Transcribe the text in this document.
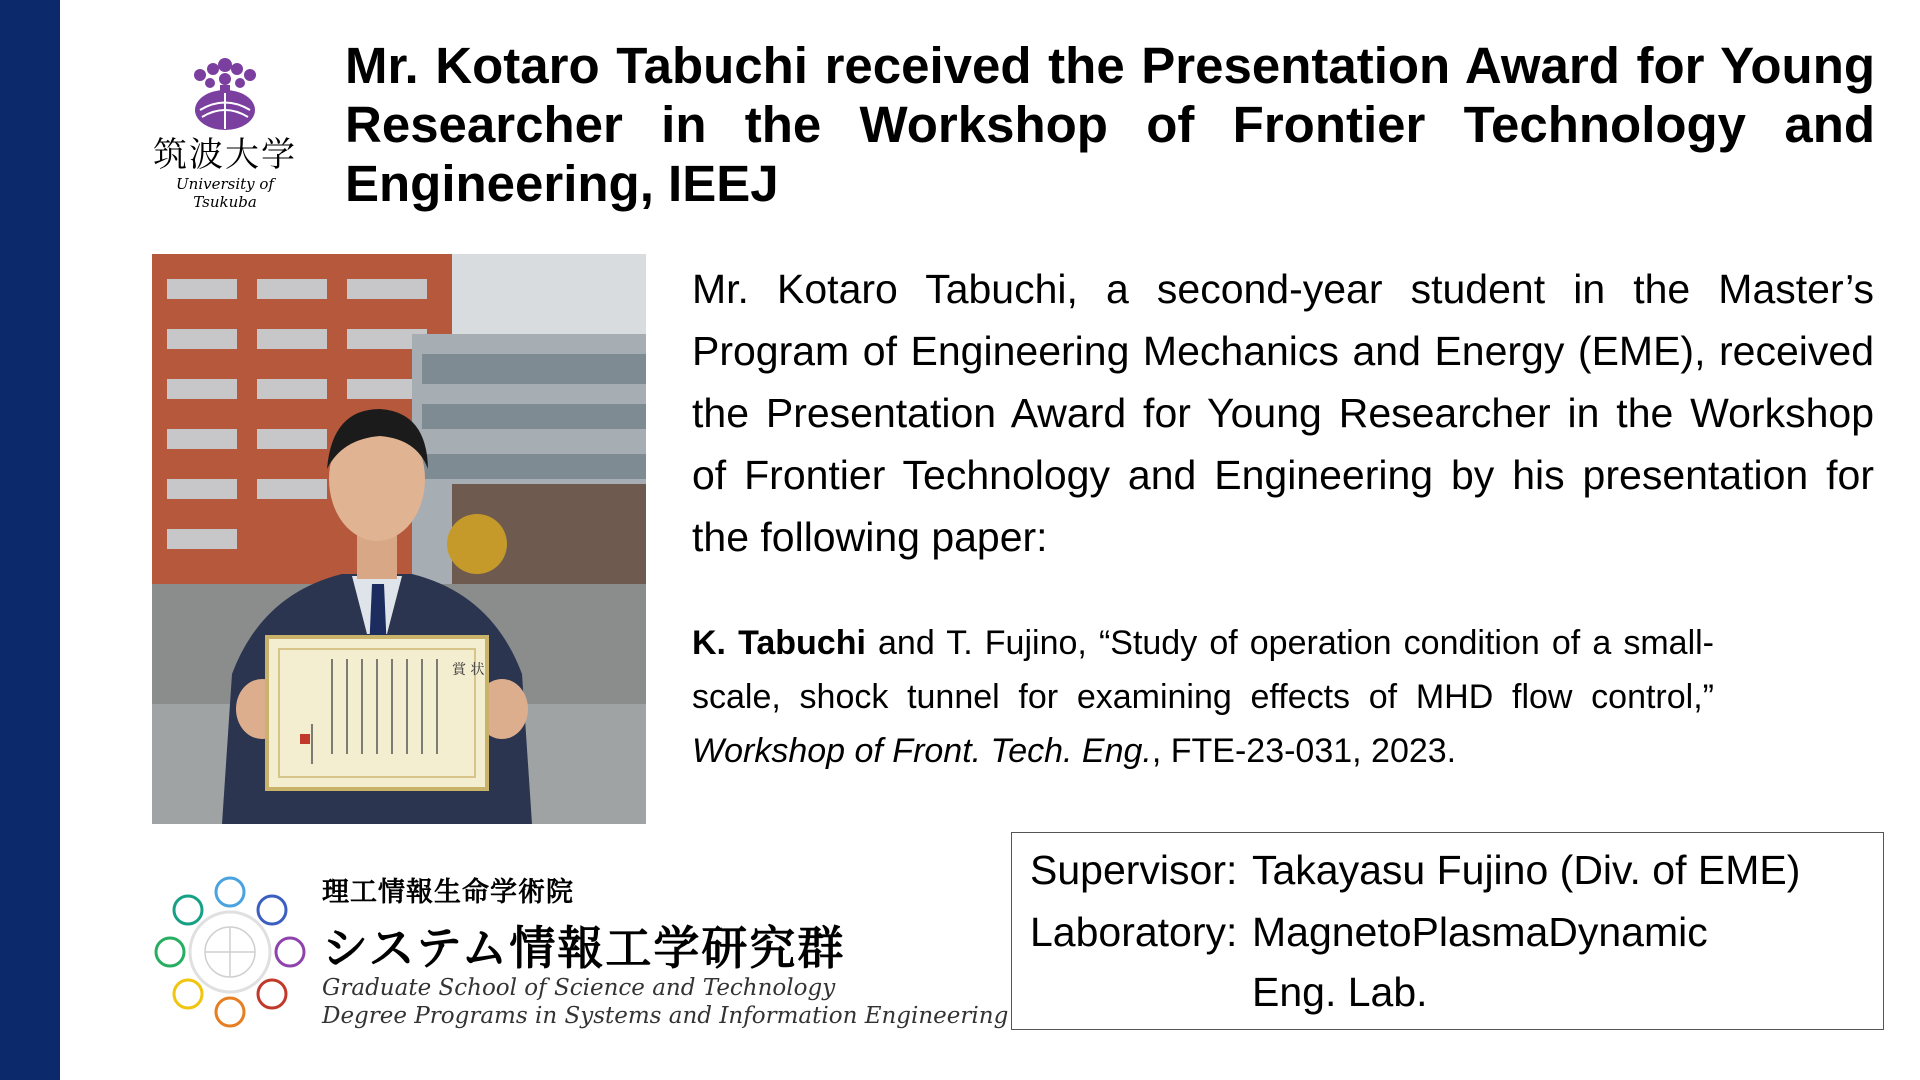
筑波大学
University of Tsukuba
Mr. Kotaro Tabuchi received the Presentation Award for Young Researcher in the Workshop of Frontier Technology and Engineering, IEEJ
賞 状
Mr. Kotaro Tabuchi, a second-year student in the Master’s Program of Engineering Mechanics and Energy (EME), received the Presentation Award for Young Researcher in the Workshop of Frontier Technology and Engineering by his presentation for the following paper:
K. Tabuchi and T. Fujino, “Study of operation condition of a small-scale, shock tunnel for examining effects of MHD flow control,” Workshop of Front. Tech. Eng., FTE-23-031, 2023.
理工情報生命学術院
システム情報工学研究群
Graduate School of Science and Technology
Degree Programs in Systems and Information Engineering
Supervisor: Takayasu Fujino (Div. of EME)
Laboratory: MagnetoPlasmaDynamic
Eng. Lab.
